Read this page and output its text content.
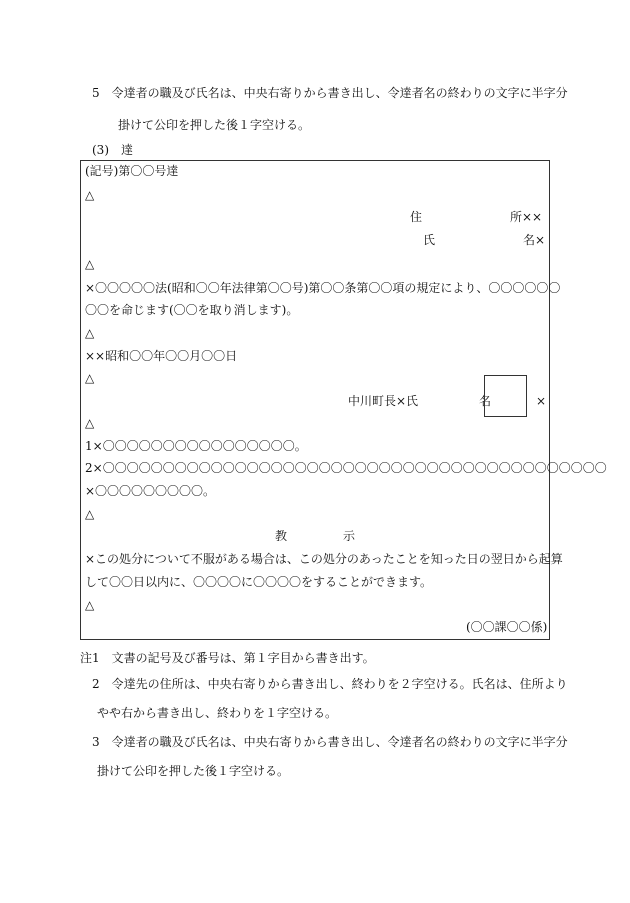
5　令達者の職及び氏名は、中央右寄りから書き出し、令達者名の終わりの文字に半字分
掛けて公印を押した後１字空ける。
(3)　達
(記号)第〇〇号達
△
住	所××
氏	名×
△
×〇〇〇〇〇法(昭和〇〇年法律第〇〇号)第〇〇条第〇〇項の規定により、〇〇〇〇〇〇
〇〇を命じます(〇〇を取り消します)。
△
××昭和〇〇年〇〇月〇〇日
△
中川町長×氏	名	×
△
1×〇〇〇〇〇〇〇〇〇〇〇〇〇〇〇〇。
2×〇〇〇〇〇〇〇〇〇〇〇〇〇〇〇〇〇〇〇〇〇〇〇〇〇〇〇〇〇〇〇〇〇〇〇〇〇〇〇〇〇〇
×〇〇〇〇〇〇〇〇〇。
△
教	示
×この処分について不服がある場合は、この処分のあったことを知った日の翌日から起算
して〇〇日以内に、〇〇〇〇に〇〇〇〇をすることができます。
△
(〇〇課〇〇係)
注1　文書の記号及び番号は、第１字目から書き出す。
2　令達先の住所は、中央右寄りから書き出し、終わりを２字空ける。氏名は、住所より
やや右から書き出し、終わりを１字空ける。
3　令達者の職及び氏名は、中央右寄りから書き出し、令達者名の終わりの文字に半字分
掛けて公印を押した後１字空ける。
